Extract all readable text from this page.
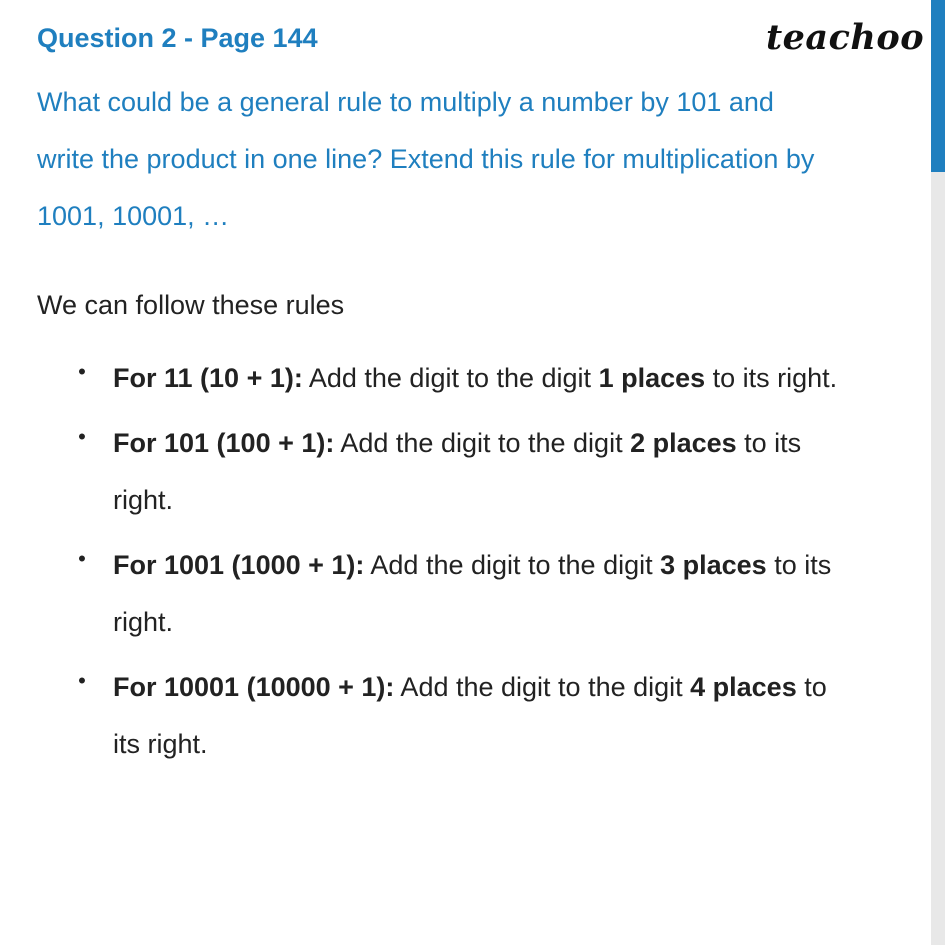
Question 2 - Page 144	teachoo
What could be a general rule to multiply a number by 101 and
write the product in one line? Extend this rule for multiplication by
1001, 10001, …
We can follow these rules
• For 11 (10 + 1): Add the digit to the digit 1 places to its right.
• For 101 (100 + 1): Add the digit to the digit 2 places to its
right.
• For 1001 (1000 + 1): Add the digit to the digit 3 places to its
right.
• For 10001 (10000 + 1): Add the digit to the digit 4 places to
its right.
